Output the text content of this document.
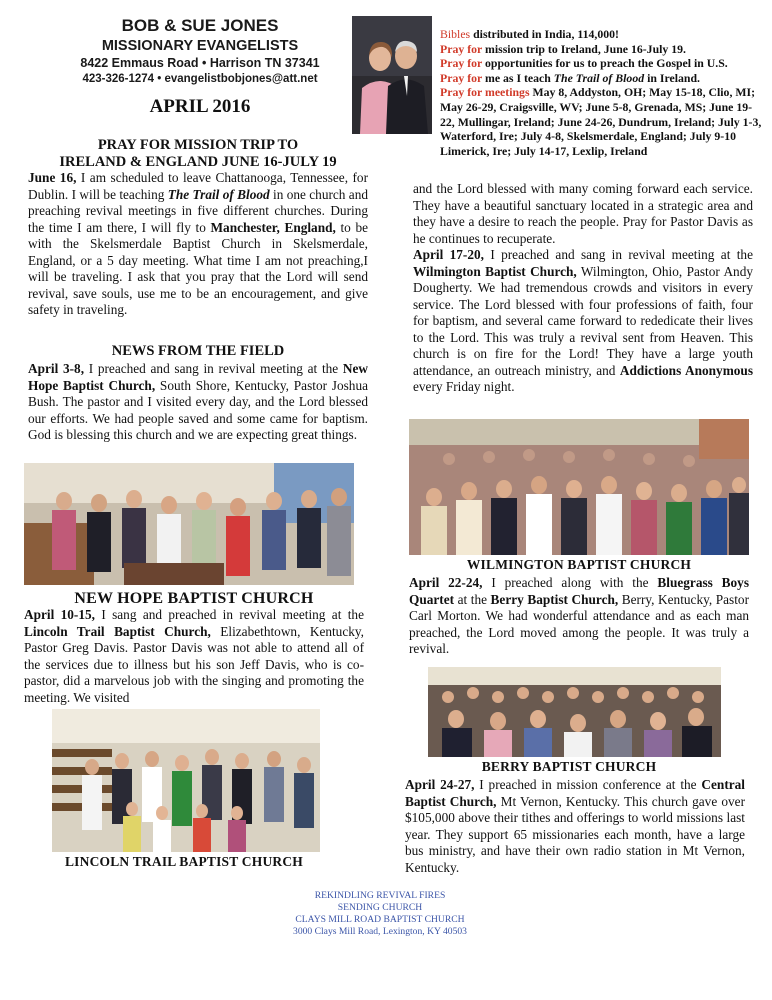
BOB & SUE JONES
MISSIONARY EVANGELISTS
8422 Emmaus Road • Harrison TN 37341
423-326-1274 • evangelistbobjones@att.net
APRIL 2016
Bibles distributed in India, 114,000!
Pray for mission trip to Ireland, June 16-July 19.
Pray for opportunities for us to preach the Gospel in U.S.
Pray for me as I teach The Trail of Blood in Ireland.
Pray for meetings May 8, Addyston, OH; May 15-18, Clio, MI; May 26-29, Craigsville, WV; June 5-8, Grenada, MS; June 19-22, Mullingar, Ireland; June 24-26, Dundrum, Ireland; July 1-3, Waterford, Ire; July 4-8, Skelsmerdale, England; July 9-10 Limerick, Ire; July 14-17, Lexlip, Ireland
PRAY FOR MISSION TRIP TO
IRELAND & ENGLAND JUNE 16-JULY 19

June 16, I am scheduled to leave Chattanooga, Tennessee, for Dublin. I will be teaching The Trail of Blood in one church and preaching revival meetings in five different churches. During the time I am there, I will fly to Manchester, England, to be with the Skelsmerdale Baptist Church in Skelsmerdale, England, or a 5 day meeting. What time I am not preaching,I will be traveling. I ask that you pray that the Lord will send revival, save souls, use me to be an encouragement, and give safety in traveling.

NEWS FROM THE FIELD

April 3-8, I preached and sang in revival meeting at the New Hope Baptist Church, South Shore, Kentucky, Pastor Joshua Bush. The pastor and I visited every day, and the Lord blessed our efforts. We had people saved and some came for baptism. God is blessing this church and we are expecting great things.

NEW HOPE BAPTIST CHURCH

April 10-15, I sang and preached in revival meeting at the Lincoln Trail Baptist Church, Elizabethtown, Kentucky, Pastor Greg Davis. Pastor Davis was not able to attend all of the services due to illness but his son Jeff Davis, who is co-pastor, did a marvelous job with the singing and promoting the meeting. We visited

LINCOLN TRAIL BAPTIST CHURCH

and the Lord blessed with many coming forward each service. They have a beautiful sanctuary located in a strategic area and they have a desire to reach the people. Pray for Pastor Davis as he continues to recuperate.

April 17-20, I preached and sang in revival meeting at the Wilmington Baptist Church, Wilmington, Ohio, Pastor Andy Dougherty. We had tremendous crowds and visitors in every service. The Lord blessed with four professions of faith, four for baptism, and several came forward to rededicate their lives to the Lord. This was truly a revival sent from Heaven. This church is on fire for the Lord! They have a large youth attendance, an outreach ministry, and Addictions Anonymous every Friday night.

WILMINGTON BAPTIST CHURCH

April 22-24, I preached along with the Bluegrass Boys Quartet at the Berry Baptist Church, Berry, Kentucky, Pastor Carl Morton. We had wonderful attendance and as each man preached, the Lord moved among the people. It was truly a revival.

BERRY BAPTIST CHURCH

April 24-27, I preached in mission conference at the Central Baptist Church, Mt Vernon, Kentucky. This church gave over $105,000 above their tithes and offerings to world missions last year. They support 65 missionaries each month, have a large bus ministry, and have their own radio station in Mt Vernon, Kentucky.

REKINDLING REVIVAL FIRES
SENDING CHURCH
CLAYS MILL ROAD BAPTIST CHURCH
3000 Clays Mill Road, Lexington, KY 40503
